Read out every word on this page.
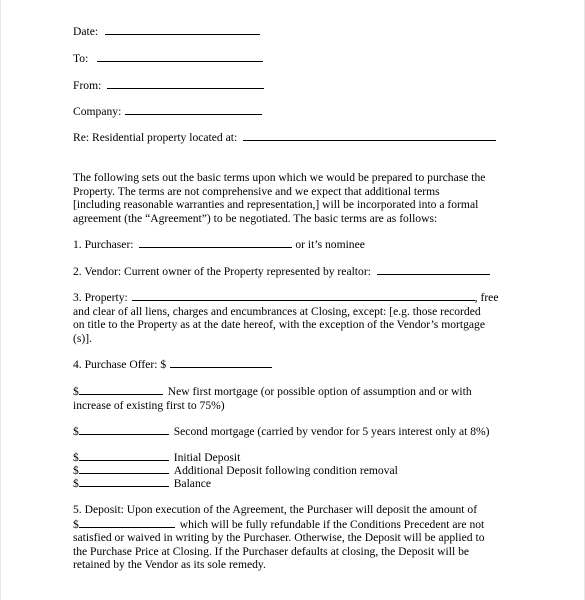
Date:
To:
From:
Company:
Re: Residential property located at:
The following sets out the basic terms upon which we would be prepared to purchase the
Property. The terms are not comprehensive and we expect that additional terms
[including reasonable warranties and representation,] will be incorporated into a formal
agreement (the “Agreement”) to be negotiated. The basic terms are as follows:
1. Purchaser:	or it’s nominee
2. Vendor: Current owner of the Property represented by realtor:
3. Property:	, free
and clear of all liens, charges and encumbrances at Closing, except: [e.g. those recorded
on title to the Property as at the date hereof, with the exception of the Vendor’s mortgage
(s)].
4. Purchase Offer: $
$	New first mortgage (or possible option of assumption and or with
increase of existing first to 75%)
$	Second mortgage (carried by vendor for 5 years interest only at 8%)
$	Initial Deposit
$	Additional Deposit following condition removal
$	Balance
5. Deposit: Upon execution of the Agreement, the Purchaser will deposit the amount of
$	which will be fully refundable if the Conditions Precedent are not
satisfied or waived in writing by the Purchaser. Otherwise, the Deposit will be applied to
the Purchase Price at Closing. If the Purchaser defaults at closing, the Deposit will be
retained by the Vendor as its sole remedy.
